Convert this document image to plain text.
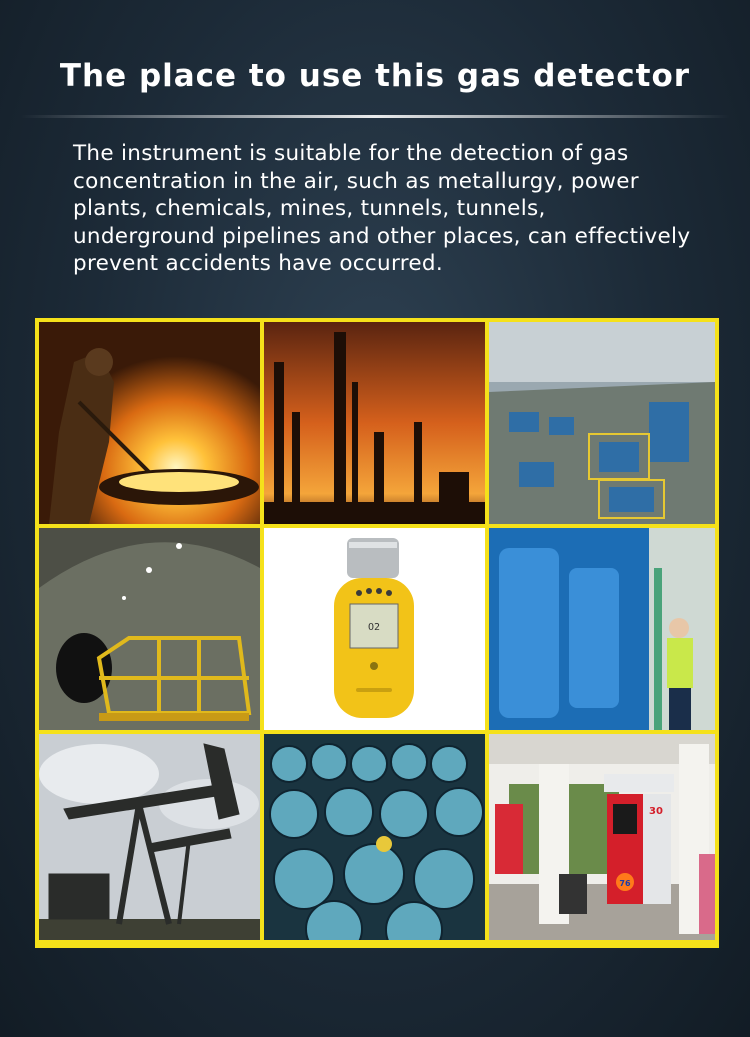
The place to use this gas detector
The instrument is suitable for the detection of gas concentration in the air, such as metallurgy, power plants, chemicals, mines, tunnels, tunnels, underground pipelines and other places, can effectively prevent accidents have occurred.
O2
30
76
